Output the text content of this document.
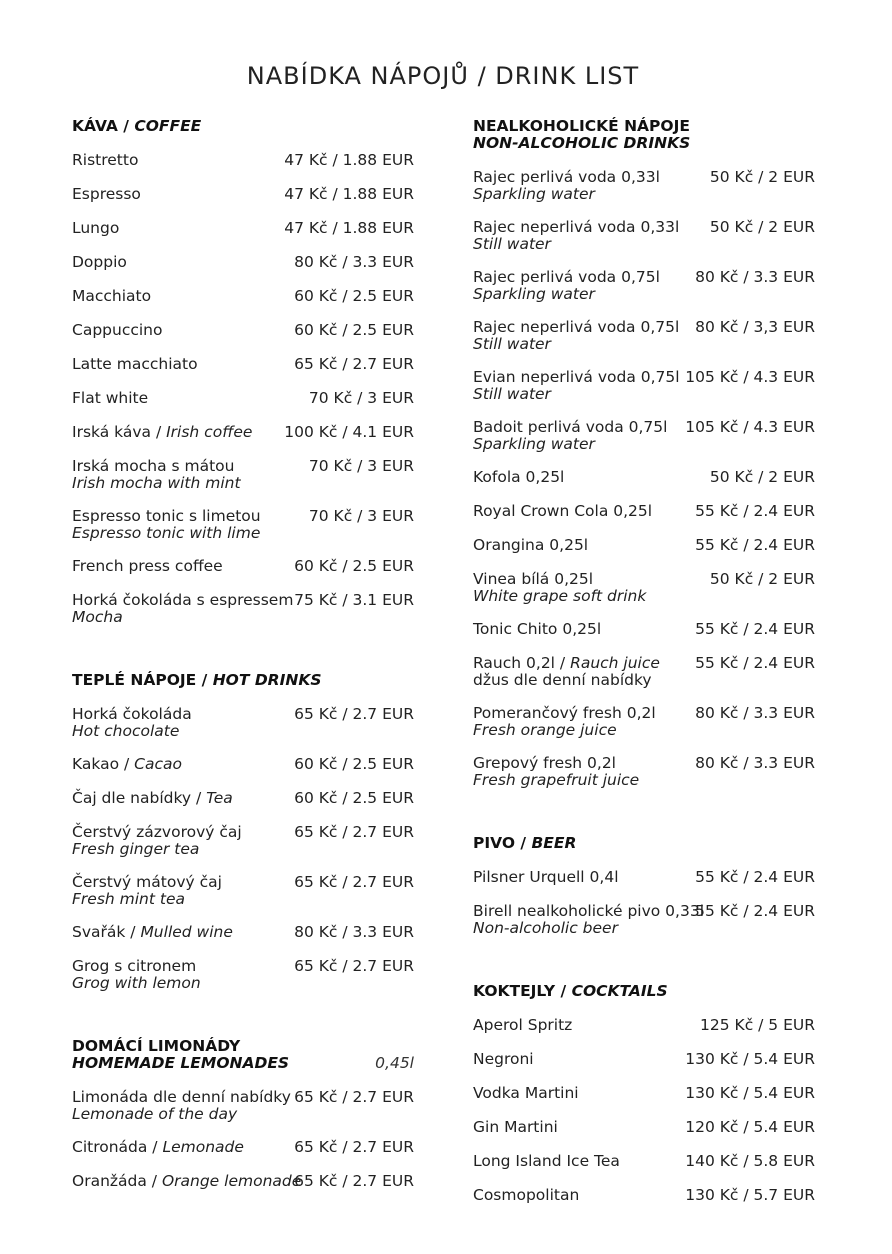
NABÍDKA NÁPOJŮ / DRINK LIST
KÁVA / COFFEE
Ristretto	47 Kč / 1.88 EUR
Espresso	47 Kč / 1.88 EUR
Lungo	47 Kč / 1.88 EUR
Doppio	80 Kč / 3.3 EUR
Macchiato	60 Kč / 2.5 EUR
Cappuccino	60 Kč / 2.5 EUR
Latte macchiato	65 Kč / 2.7 EUR
Flat white	70 Kč / 3 EUR
Irská káva / Irish coffee	100 Kč / 4.1 EUR
Irská mocha s mátou
Irish mocha with mint
70 Kč / 3 EUR
Espresso tonic s limetou
Espresso tonic with lime
70 Kč / 3 EUR
French press coffee	60 Kč / 2.5 EUR
Horká čokoláda s espressem
Mocha
75 Kč / 3.1 EUR
TEPLÉ NÁPOJE / HOT DRINKS
Horká čokoláda
Hot chocolate
65 Kč / 2.7 EUR
Kakao / Cacao	60 Kč / 2.5 EUR
Čaj dle nabídky / Tea	60 Kč / 2.5 EUR
Čerstvý zázvorový čaj
Fresh ginger tea
65 Kč / 2.7 EUR
Čerstvý mátový čaj
Fresh mint tea
65 Kč / 2.7 EUR
Svařák / Mulled wine	80 Kč / 3.3 EUR
Grog s citronem
Grog with lemon
65 Kč / 2.7 EUR
DOMÁCÍ LIMONÁDY
HOMEMADE LEMONADES	0,45l
Limonáda dle denní nabídky
Lemonade of the day
65 Kč / 2.7 EUR
Citronáda / Lemonade	65 Kč / 2.7 EUR
Oranžáda / Orange lemonade
65 Kč / 2.7 EUR
NEALKOHOLICKÉ NÁPOJE
NON-ALCOHOLIC DRINKS
Rajec perlivá voda 0,33l
Sparkling water
50 Kč / 2 EUR
Rajec neperlivá voda 0,33l
Still water
50 Kč / 2 EUR
Rajec perlivá voda 0,75l
Sparkling water
80 Kč / 3.3 EUR
Rajec neperlivá voda 0,75l
Still water
80 Kč / 3,3 EUR
Evian neperlivá voda 0,75l
Still water
105 Kč / 4.3 EUR
Badoit perlivá voda 0,75l
Sparkling water
105 Kč / 4.3 EUR
Kofola 0,25l	50 Kč / 2 EUR
Royal Crown Cola 0,25l	55 Kč / 2.4 EUR
Orangina 0,25l	55 Kč / 2.4 EUR
Vinea bílá 0,25l
White grape soft drink
50 Kč / 2 EUR
Tonic Chito 0,25l	55 Kč / 2.4 EUR
Rauch 0,2l / Rauch juice
džus dle denní nabídky
55 Kč / 2.4 EUR
Pomerančový fresh 0,2l
Fresh orange juice
80 Kč / 3.3 EUR
Grepový fresh 0,2l
Fresh grapefruit juice
80 Kč / 3.3 EUR
PIVO / BEER
Pilsner Urquell 0,4l	55 Kč / 2.4 EUR
Birell nealkoholické pivo 0,33l
Non-alcoholic beer
55 Kč / 2.4 EUR
KOKTEJLY / COCKTAILS
Aperol Spritz	125 Kč / 5 EUR
Negroni	130 Kč / 5.4 EUR
Vodka Martini	130 Kč / 5.4 EUR
Gin Martini	120 Kč / 5.4 EUR
Long Island Ice Tea	140 Kč / 5.8 EUR
Cosmopolitan	130 Kč / 5.7 EUR
